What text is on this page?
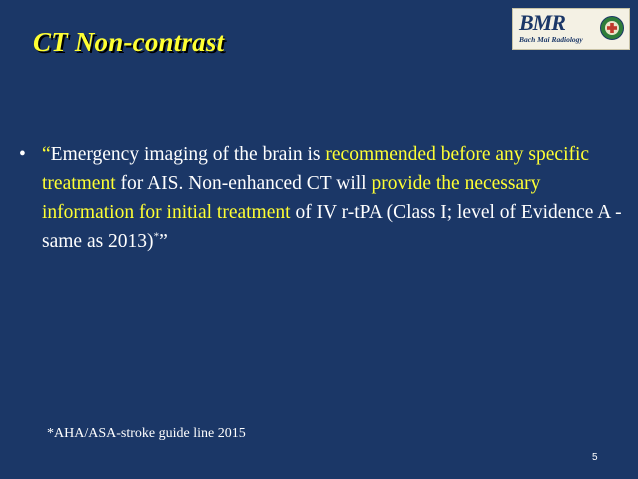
CT Non-contrast
BMR
Bach Mai Radiology
• “Emergency imaging of the brain is recommended before any specific treatment for AIS. Non-enhanced CT will provide the necessary information for initial treatment of IV r-tPA (Class I; level of Evidence A - same as 2013)*”
*AHA/ASA-stroke guide line 2015
5
